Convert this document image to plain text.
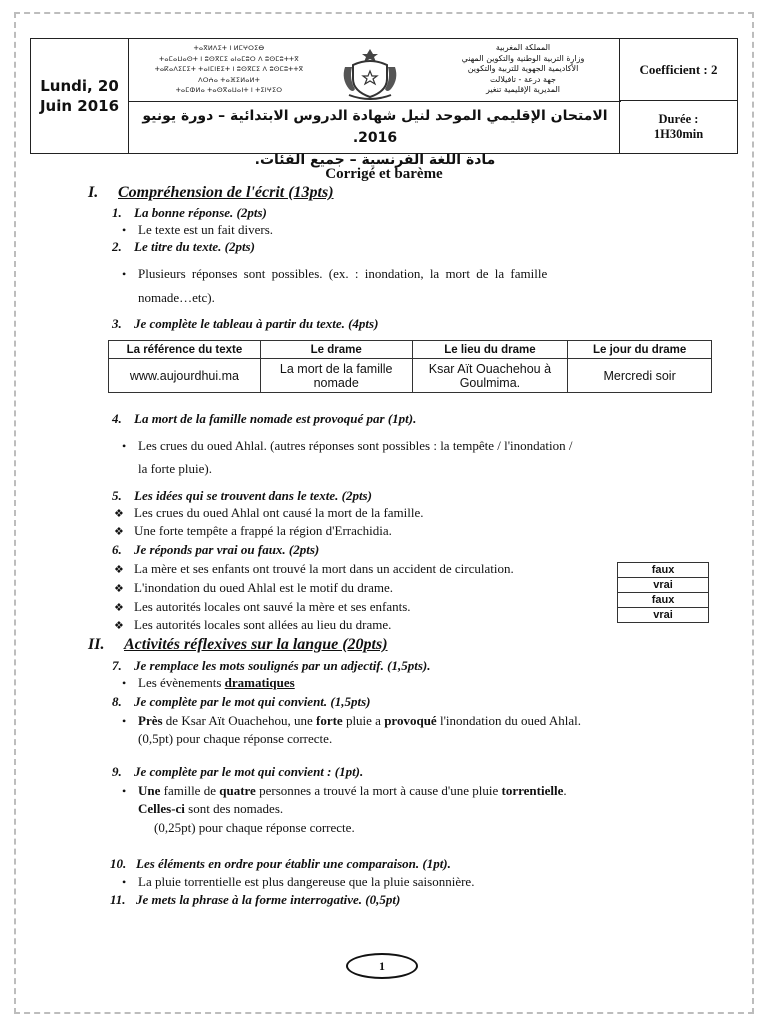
Lundi, 20
Juin 2016
ⵜⴰⴳⵍⴷⵉⵜ ⵏ ⵍⵎⵖⵔⵉⴱ
ⵜⴰⵎⴰⵡⴰⵙⵜ ⵏ ⵓⵙⴳⵎⵉ ⴰⵏⴰⵎⵓⵔ ⴷ ⵓⵙⵎⵓⵜⵜⴳ
ⵜⴰⴽⴰⴷⵉⵎⵉⵜ ⵜⴰⵏⵎⵏⴹⵉⵜ ⵏ ⵓⵙⴳⵎⵉ ⴷ ⵓⵙⵎⵓⵜⵜⴳ
ⴷⵔⵄⴰ ⵜⴰⴼⵉⵍⴰⵍⵜ
ⵜⴰⵎⵀⵍⴰ ⵜⴰⵙⴳⴰⵡⴰⵏⵜ ⵏ ⵜⵉⵏⵖⵉⵔ
المملكة المغربية
وزارة التربية الوطنية والتكوين المهني
الأكاديمية الجهوية للتربية والتكوين
جهة درعة - تافيلالت
المديرية الإقليمية تنغير
الامتحان الإقليمي الموحد لنيل شهادة الدروس الابتدائية – دورة يونيو 2016.
مادة اللغة الفرنسية – جميع الفئات.
Coefficient : 2
Durée :
1H30min
Corrigé et barème
I. Compréhension de l'écrit (13pts)
1. La bonne réponse. (2pts)
• Le texte est un fait divers.
2. Le titre du texte. (2pts)
• Plusieurs réponses sont possibles. (ex. : inondation, la mort de la famille
nomade…etc).
3. Je complète le tableau à partir du texte. (4pts)
La référence du texte	Le drame	Le lieu du drame	Le jour du drame
www.aujourdhui.ma	La mort de la famille nomade	Ksar Aït Ouachehou à Goulmima.	Mercredi soir
4. La mort de la famille nomade est provoqué par (1pt).
• Les crues du oued Ahlal. (autres réponses sont possibles : la tempête / l'inondation /
la forte pluie).
5. Les idées qui se trouvent dans le texte. (2pts)
❖ Les crues du oued Ahlal ont causé la mort de la famille.
❖ Une forte tempête a frappé la région d'Errachidia.
6. Je réponds par vrai ou faux. (2pts)
❖ La mère et ses enfants ont trouvé la mort dans un accident de circulation.
❖ L'inondation du oued Ahlal est le motif du drame.
❖ Les autorités locales ont sauvé la mère et ses enfants.
❖ Les autorités locales sont allées au lieu du drame.
faux
vrai
faux
vrai
II. Activités réflexives sur la langue (20pts)
7. Je remplace les mots soulignés par un adjectif. (1,5pts).
• Les évènements dramatiques
8. Je complète par le mot qui convient. (1,5pts)
• Près de Ksar Aït Ouachehou, une forte pluie a provoqué l'inondation du oued Ahlal.
(0,5pt) pour chaque réponse correcte.
9. Je complète par le mot qui convient : (1pt).
• Une famille de quatre personnes a trouvé la mort à cause d'une pluie torrentielle.
Celles-ci sont des nomades.
(0,25pt) pour chaque réponse correcte.
10. Les éléments en ordre pour établir une comparaison. (1pt).
• La pluie torrentielle est plus dangereuse que la pluie saisonnière.
11. Je mets la phrase à la forme interrogative. (0,5pt)
1
